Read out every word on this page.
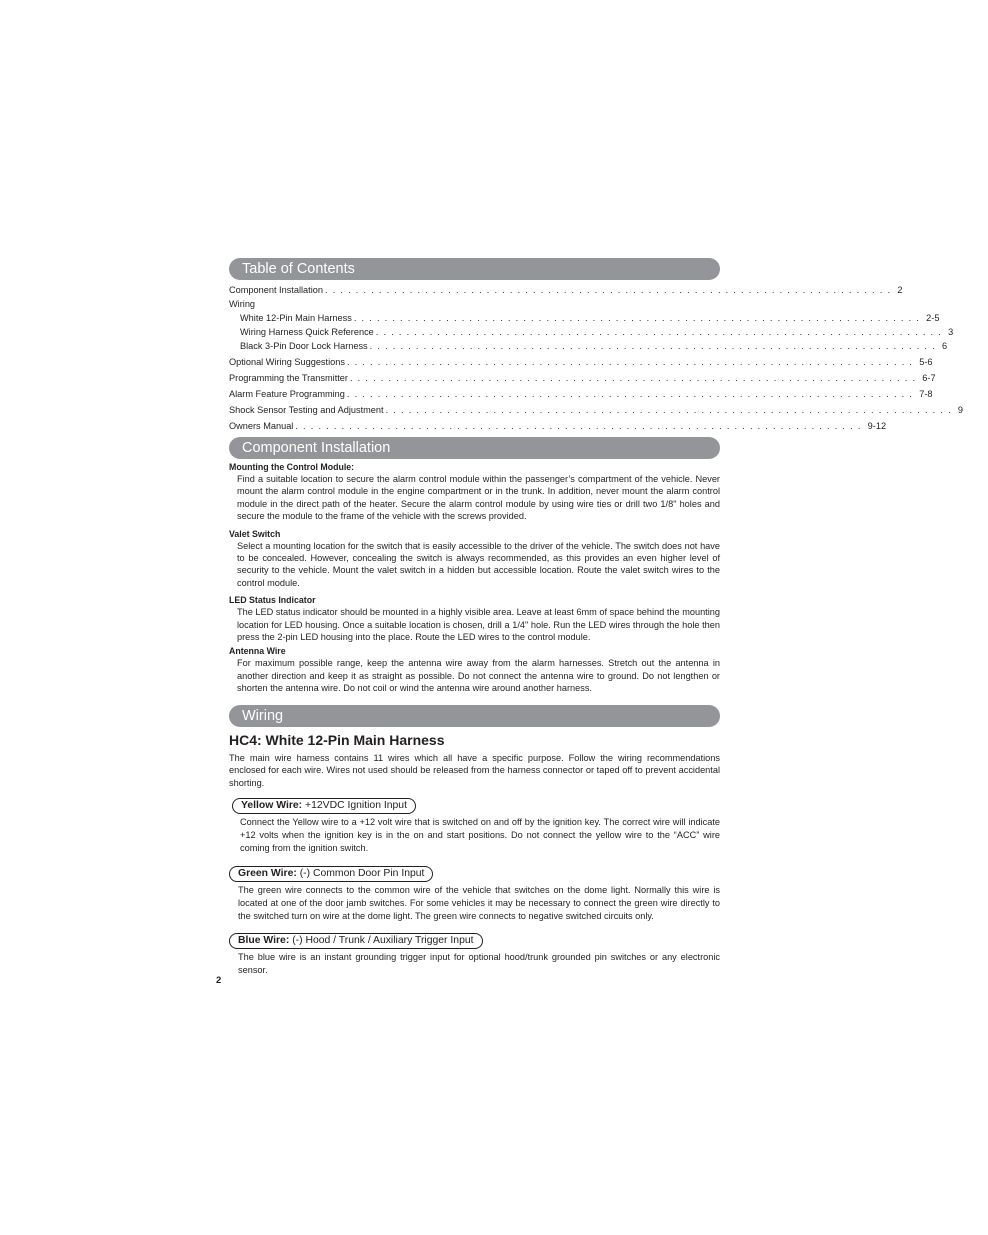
Table of Contents
Component Installation . . . . . . . . . . . . . . . . . . . . . . . . . . . . . . . . . . . . . . . . . . . . . . . . . . . . . . . . . . . . . . . . . . . . . . . . . . 2
Wiring
White 12-Pin Main Harness . . . . . . . . . . . . . . . . . . . . . . . . . . . . . . . . . . . . . . . . . . . . . . . . . . . . . . . . . . . . . . . . . . . . . . . . . . 2-5
Wiring Harness Quick Reference . . . . . . . . . . . . . . . . . . . . . . . . . . . . . . . . . . . . . . . . . . . . . . . . . . . . . . . . . . . . . . . . . . . . . . . . . . 3
Black 3-Pin Door Lock Harness . . . . . . . . . . . . . . . . . . . . . . . . . . . . . . . . . . . . . . . . . . . . . . . . . . . . . . . . . . . . . . . . . . . . . . . . . . 6
Optional Wiring Suggestions . . . . . . . . . . . . . . . . . . . . . . . . . . . . . . . . . . . . . . . . . . . . . . . . . . . . . . . . . . . . . . . . . . . . . . . . . . 5-6
Programming the Transmitter . . . . . . . . . . . . . . . . . . . . . . . . . . . . . . . . . . . . . . . . . . . . . . . . . . . . . . . . . . . . . . . . . . . . . . . . . . 6-7
Alarm Feature Programming . . . . . . . . . . . . . . . . . . . . . . . . . . . . . . . . . . . . . . . . . . . . . . . . . . . . . . . . . . . . . . . . . . . . . . . . . . 7-8
Shock Sensor Testing and Adjustment . . . . . . . . . . . . . . . . . . . . . . . . . . . . . . . . . . . . . . . . . . . . . . . . . . . . . . . . . . . . . . . . . . . . . . . . . . 9
Owners Manual . . . . . . . . . . . . . . . . . . . . . . . . . . . . . . . . . . . . . . . . . . . . . . . . . . . . . . . . . . . . . . . . . . . . . . . . . . 9-12
Component Installation
Mounting the Control Module:
Find a suitable location to secure the alarm control module within the passenger’s compartment of the vehicle. Never mount the alarm control module in the engine compartment or in the trunk. In addition, never mount the alarm control module in the direct path of the heater. Secure the alarm control module by using wire ties or drill two 1/8" holes and secure the module to the frame of the vehicle with the screws provided.
Valet Switch
Select a mounting location for the switch that is easily accessible to the driver of the vehicle. The switch does not have to be concealed. However, concealing the switch is always recommended, as this provides an even higher level of security to the vehicle. Mount the valet switch in a hidden but accessible location. Route the valet switch wires to the control module.
LED Status Indicator
The LED status indicator should be mounted in a highly visible area. Leave at least 6mm of space behind the mounting location for LED housing. Once a suitable location is chosen, drill a 1/4" hole. Run the LED wires through the hole then press the 2-pin LED housing into the place. Route the LED wires to the control module.
Antenna Wire
For maximum possible range, keep the antenna wire away from the alarm harnesses. Stretch out the antenna in another direction and keep it as straight as possible. Do not connect the antenna wire to ground. Do not lengthen or shorten the antenna wire. Do not coil or wind the antenna wire around another harness.
Wiring
HC4: White 12-Pin Main Harness
The main wire harness contains 11 wires which all have a specific purpose. Follow the wiring recommendations enclosed for each wire. Wires not used should be released from the harness connector or taped off to prevent accidental shorting.
Yellow Wire: +12VDC Ignition Input
Connect the Yellow wire to a +12 volt wire that is switched on and off by the ignition key. The correct wire will indicate +12 volts when the ignition key is in the on and start positions. Do not connect the yellow wire to the “ACC” wire coming from the ignition switch.
Green Wire: (-) Common Door Pin Input
The green wire connects to the common wire of the vehicle that switches on the dome light. Normally this wire is located at one of the door jamb switches. For some vehicles it may be necessary to connect the green wire directly to the switched turn on wire at the dome light. The green wire connects to negative switched circuits only.
Blue Wire: (-) Hood / Trunk / Auxiliary Trigger Input
The blue wire is an instant grounding trigger input for optional hood/trunk grounded pin switches or any electronic sensor.
2
